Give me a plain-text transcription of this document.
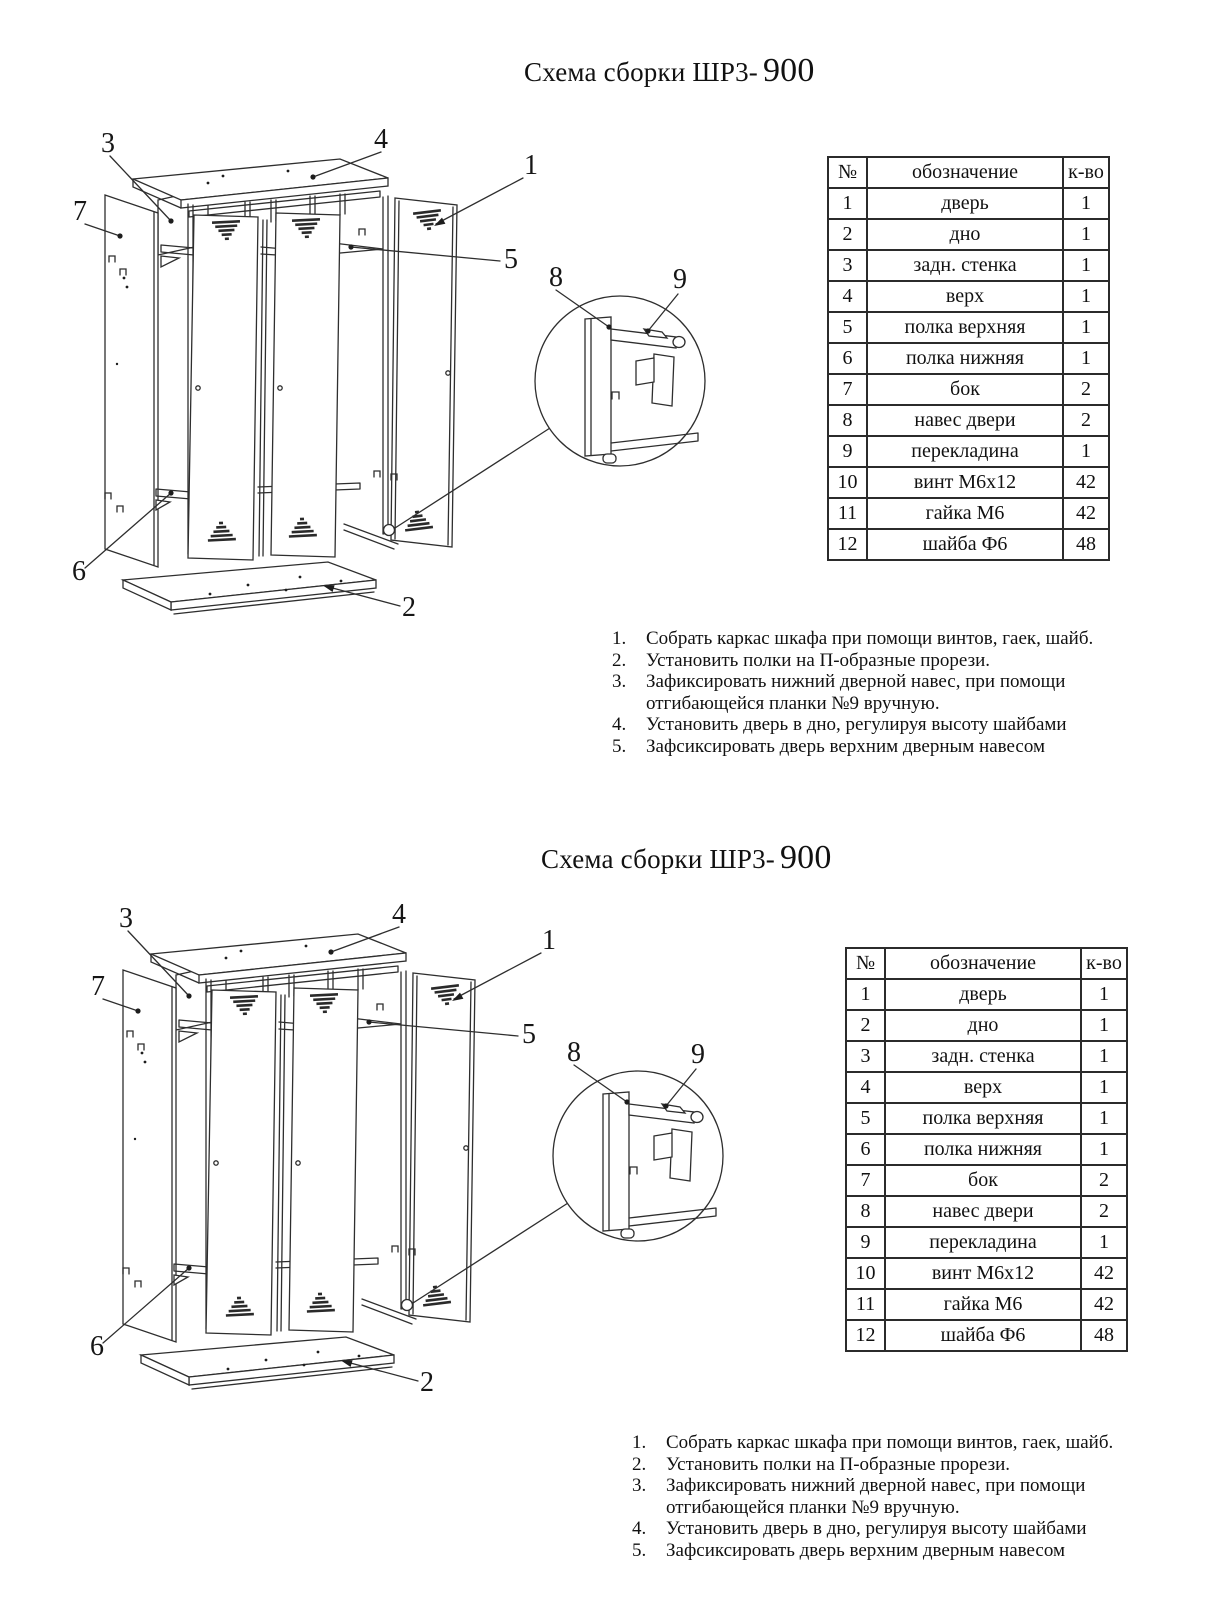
Схема сборки ШР3- 900
3	4
1
7
5
8	9
6
2
№	обозначение	к-во
1	дверь	1
2	дно	1
3	задн. стенка	1
4	верх	1
5	полка верхняя	1
6	полка нижняя	1
7	бок	2
8	навес двери	2
9	перекладина	1
10	винт М6х12	42
11	гайка М6	42
12	шайба Ф6	48
1.	Собрать каркас шкафа при помощи винтов, гаек, шайб.
2.	Установить полки на П-образные прорези.
3.	Зафиксировать нижний дверной навес, при помощи отгибающейся планки №9 вручную.
4.	Установить дверь в дно, регулируя высоту шайбами
5.	Зафсиксировать дверь верхним дверным навесом
Схема сборки ШР3- 900
3	4
1
7
5
8	9
6
2
№	обозначение	к-во
1	дверь	1
2	дно	1
3	задн. стенка	1
4	верх	1
5	полка верхняя	1
6	полка нижняя	1
7	бок	2
8	навес двери	2
9	перекладина	1
10	винт М6х12	42
11	гайка М6	42
12	шайба Ф6	48
1.	Собрать каркас шкафа при помощи винтов, гаек, шайб.
2.	Установить полки на П-образные прорези.
3.	Зафиксировать нижний дверной навес, при помощи отгибающейся планки №9 вручную.
4.	Установить дверь в дно, регулируя высоту шайбами
5.	Зафсиксировать дверь верхним дверным навесом
